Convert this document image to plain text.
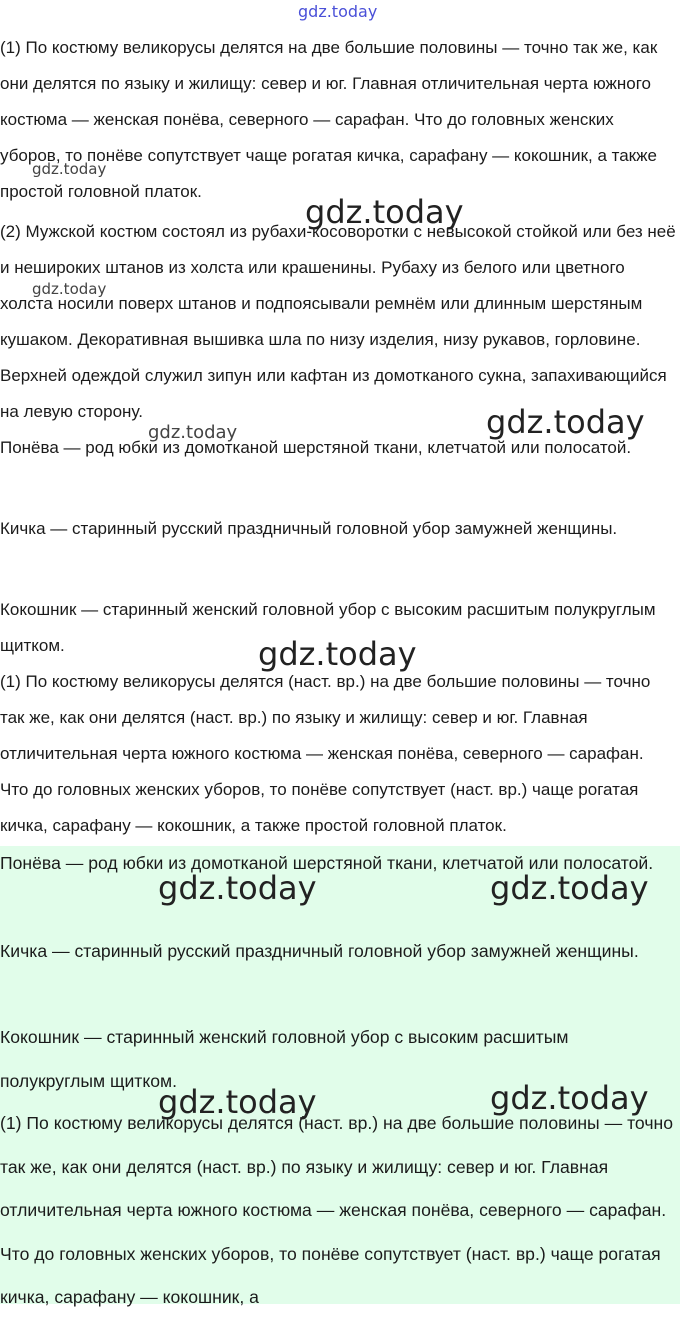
(1) По костюму великорусы делятся на две большие половины — точно так же, как они делятся по языку и жилищу: север и юг. Главная отличительная черта южного костюма — женская понёва, северного — сарафан. Что до головных женских уборов, то понёве сопутствует чаще рогатая кичка, сарафану — кокошник, а также простой головной платок.

(2) Мужской костюм состоял из рубахи-косоворотки с невысокой стойкой или без неё и нешироких штанов из холста или крашенины. Рубаху из белого или цветного холста носили поверх штанов и подпоясывали ремнём или длинным шерстяным кушаком. Декоративная вышивка шла по низу изделия, низу рукавов, горловине. Верхней одеждой служил зипун или кафтан из домотканого сукна, запахивающийся на левую сторону.

Понёва — род юбки из домотканой шерстяной ткани, клетчатой или полосатой.

Кичка — старинный русский праздничный головной убор замужней женщины.

Кокошник — старинный женский головной убор с высоким расшитым полукруглым щитком.

(1) По костюму великорусы делятся (наст. вр.) на две большие половины — точно так же, как они делятся (наст. вр.) по языку и жилищу: север и юг. Главная отличительная черта южного костюма — женская понёва, северного — сарафан. Что до головных женских уборов, то понёве сопутствует (наст. вр.) чаще рогатая кичка, сарафану — кокошник, а также простой головной платок.

Понёва — род юбки из домотканой шерстяной ткани, клетчатой или полосатой.

Кичка — старинный русский праздничный головной убор замужней женщины.

Кокошник — старинный женский головной убор с высоким расшитым полукруглым щитком.

(1) По костюму великорусы делятся (наст. вр.) на две большие половины — точно так же, как они делятся (наст. вр.) по языку и жилищу: север и юг. Главная отличительная черта южного костюма — женская понёва, северного — сарафан. Что до головных женских уборов, то понёве сопутствует (наст. вр.) чаще рогатая кичка, сарафану — кокошник, а

gdz.today
gdz.today
gdz.today
gdz.today
gdz.today
gdz.today
gdz.today
gdz.today	gdz.today
gdz.today	gdz.today
